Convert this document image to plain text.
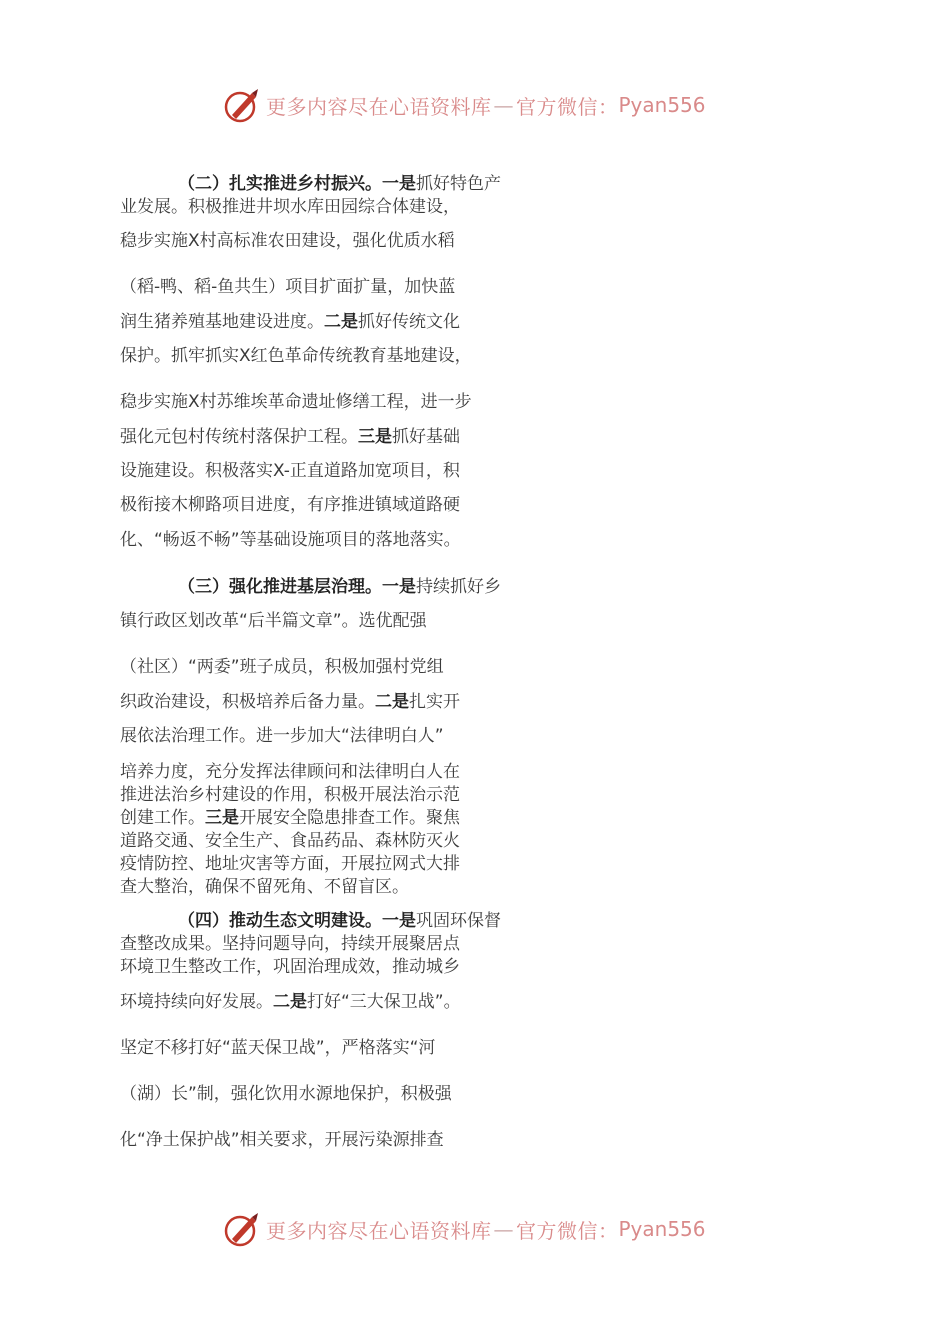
更多内容尽在心语资料库 — 官方微信： Pyan556
（二）扎实推进乡村振兴。一是抓好特色产
业发展。积极推进井坝水库田园综合体建设，
稳步实施X村高标准农田建设，强化优质水稻
（稻-鸭、稻-鱼共生）项目扩面扩量，加快蓝
润生猪养殖基地建设进度。二是抓好传统文化
保护。抓牢抓实X红色革命传统教育基地建设，
稳步实施X村苏维埃革命遗址修缮工程，进一步
强化元包村传统村落保护工程。三是抓好基础
设施建设。积极落实X-正直道路加宽项目，积
极衔接木柳路项目进度，有序推进镇域道路硬
化、“畅返不畅”等基础设施项目的落地落实。
（三）强化推进基层治理。一是持续抓好乡
镇行政区划改革“后半篇文章”。选优配强
（社区）“两委”班子成员，积极加强村党组
织政治建设，积极培养后备力量。二是扎实开
展依法治理工作。进一步加大“法律明白人”
培养力度，充分发挥法律顾问和法律明白人在
推进法治乡村建设的作用，积极开展法治示范
创建工作。三是开展安全隐患排查工作。聚焦
道路交通、安全生产、食品药品、森林防灭火
疫情防控、地址灾害等方面，开展拉网式大排
查大整治，确保不留死角、不留盲区。
（四）推动生态文明建设。一是巩固环保督
查整改成果。坚持问题导向，持续开展聚居点
环境卫生整改工作，巩固治理成效，推动城乡
环境持续向好发展。二是打好“三大保卫战”。
坚定不移打好“蓝天保卫战”，严格落实“河
（湖）长”制，强化饮用水源地保护，积极强
化“净土保护战”相关要求，开展污染源排查
更多内容尽在心语资料库 — 官方微信： Pyan556
